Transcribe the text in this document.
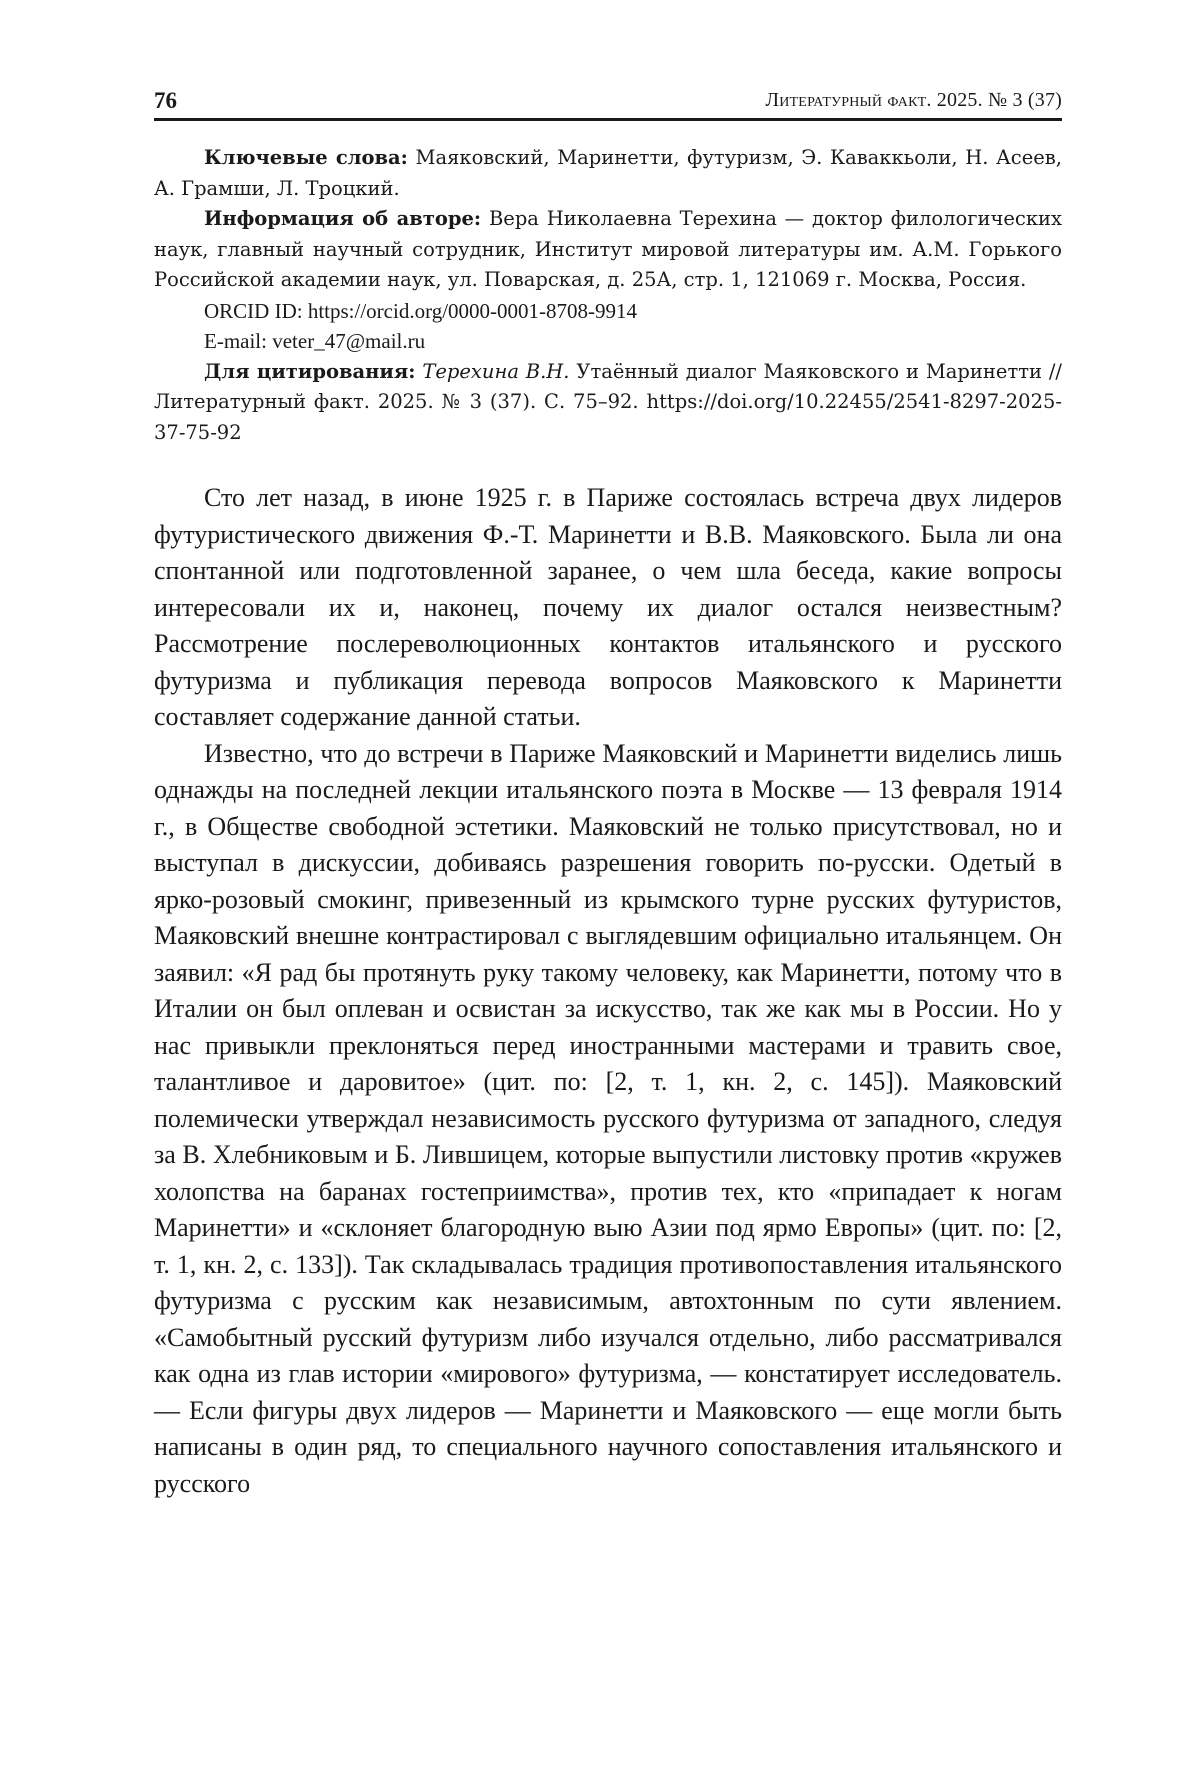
76	Литературный факт. 2025. № 3 (37)

Ключевые слова: Маяковский, Маринетти, футуризм, Э. Каваккьоли, Н. Асеев, А. Грамши, Л. Троцкий.

Информация об авторе: Вера Николаевна Терехина — доктор филологических наук, главный научный сотрудник, Институт мировой литературы им. А.М. Горького Российской академии наук, ул. Поварская, д. 25А, стр. 1, 121069 г. Москва, Россия.

ORCID ID: https://orcid.org/0000-0001-8708-9914

E-mail: veter_47@mail.ru

Для цитирования: Терехина В.Н. Утаённый диалог Маяковского и Маринетти // Литературный факт. 2025. № 3 (37). С. 75–92. https://doi.org/10.22455/2541-8297-2025-37-75-92

Сто лет назад, в июне 1925 г. в Париже состоялась встреча двух лидеров футуристического движения Ф.-Т. Маринетти и В.В. Маяковского. Была ли она спонтанной или подготовленной заранее, о чем шла беседа, какие вопросы интересовали их и, наконец, почему их диалог остался неизвестным? Рассмотрение послереволюционных контактов итальянского и русского футуризма и публикация перевода вопросов Маяковского к Маринетти составляет содержание данной статьи.

Известно, что до встречи в Париже Маяковский и Маринетти виделись лишь однажды на последней лекции итальянского поэта в Москве — 13 февраля 1914 г., в Обществе свободной эстетики. Маяковский не только присутствовал, но и выступал в дискуссии, добиваясь разрешения говорить по-русски. Одетый в ярко-розовый смокинг, привезенный из крымского турне русских футуристов, Маяковский внешне контрастировал с выглядевшим официально итальянцем. Он заявил: «Я рад бы протянуть руку такому человеку, как Маринетти, потому что в Италии он был оплеван и освистан за искусство, так же как мы в России. Но у нас привыкли преклоняться перед иностранными мастерами и травить свое, талантливое и даровитое» (цит. по: [2, т. 1, кн. 2, с. 145]). Маяковский полемически утверждал независимость русского футуризма от западного, следуя за В. Хлебниковым и Б. Лившицем, которые выпустили листовку против «кружев холопства на баранах гостеприимства», против тех, кто «припадает к ногам Маринетти» и «склоняет благородную выю Азии под ярмо Европы» (цит. по: [2, т. 1, кн. 2, с. 133]). Так складывалась традиция противопоставления итальянского футуризма с русским как независимым, автохтонным по сути явлением. «Самобытный русский футуризм либо изучался отдельно, либо рассматривался как одна из глав истории «мирового» футуризма, — констатирует исследователь. — Если фигуры двух лидеров — Маринетти и Маяковского — еще могли быть написаны в один ряд, то специального научного сопоставления итальянского и русского
